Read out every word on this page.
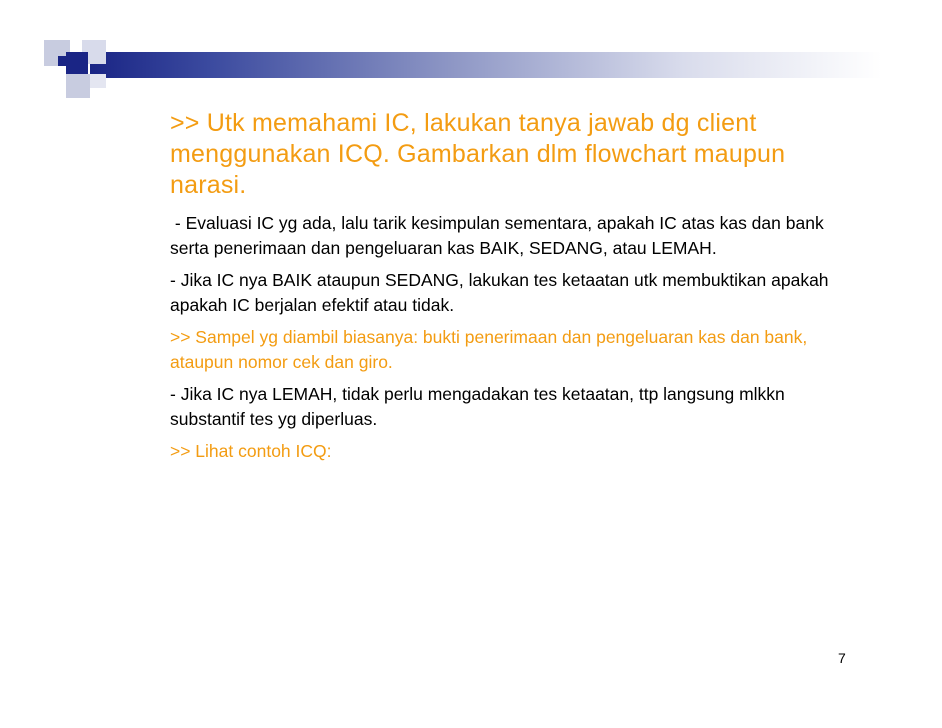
>> Utk memahami IC, lakukan tanya jawab dg client menggunakan ICQ. Gambarkan dlm flowchart maupun narasi.

- Evaluasi IC yg ada, lalu tarik kesimpulan sementara, apakah IC atas kas dan bank serta penerimaan dan pengeluaran kas BAIK, SEDANG, atau LEMAH.

- Jika IC nya BAIK ataupun SEDANG, lakukan tes ketaatan utk membuktikan apakah apakah IC berjalan efektif atau tidak.

>> Sampel yg diambil biasanya: bukti penerimaan dan pengeluaran kas dan bank, ataupun nomor cek dan giro.

- Jika IC nya LEMAH, tidak perlu mengadakan tes ketaatan, ttp langsung mlkkn substantif tes yg diperluas.

>> Lihat contoh ICQ:

7
